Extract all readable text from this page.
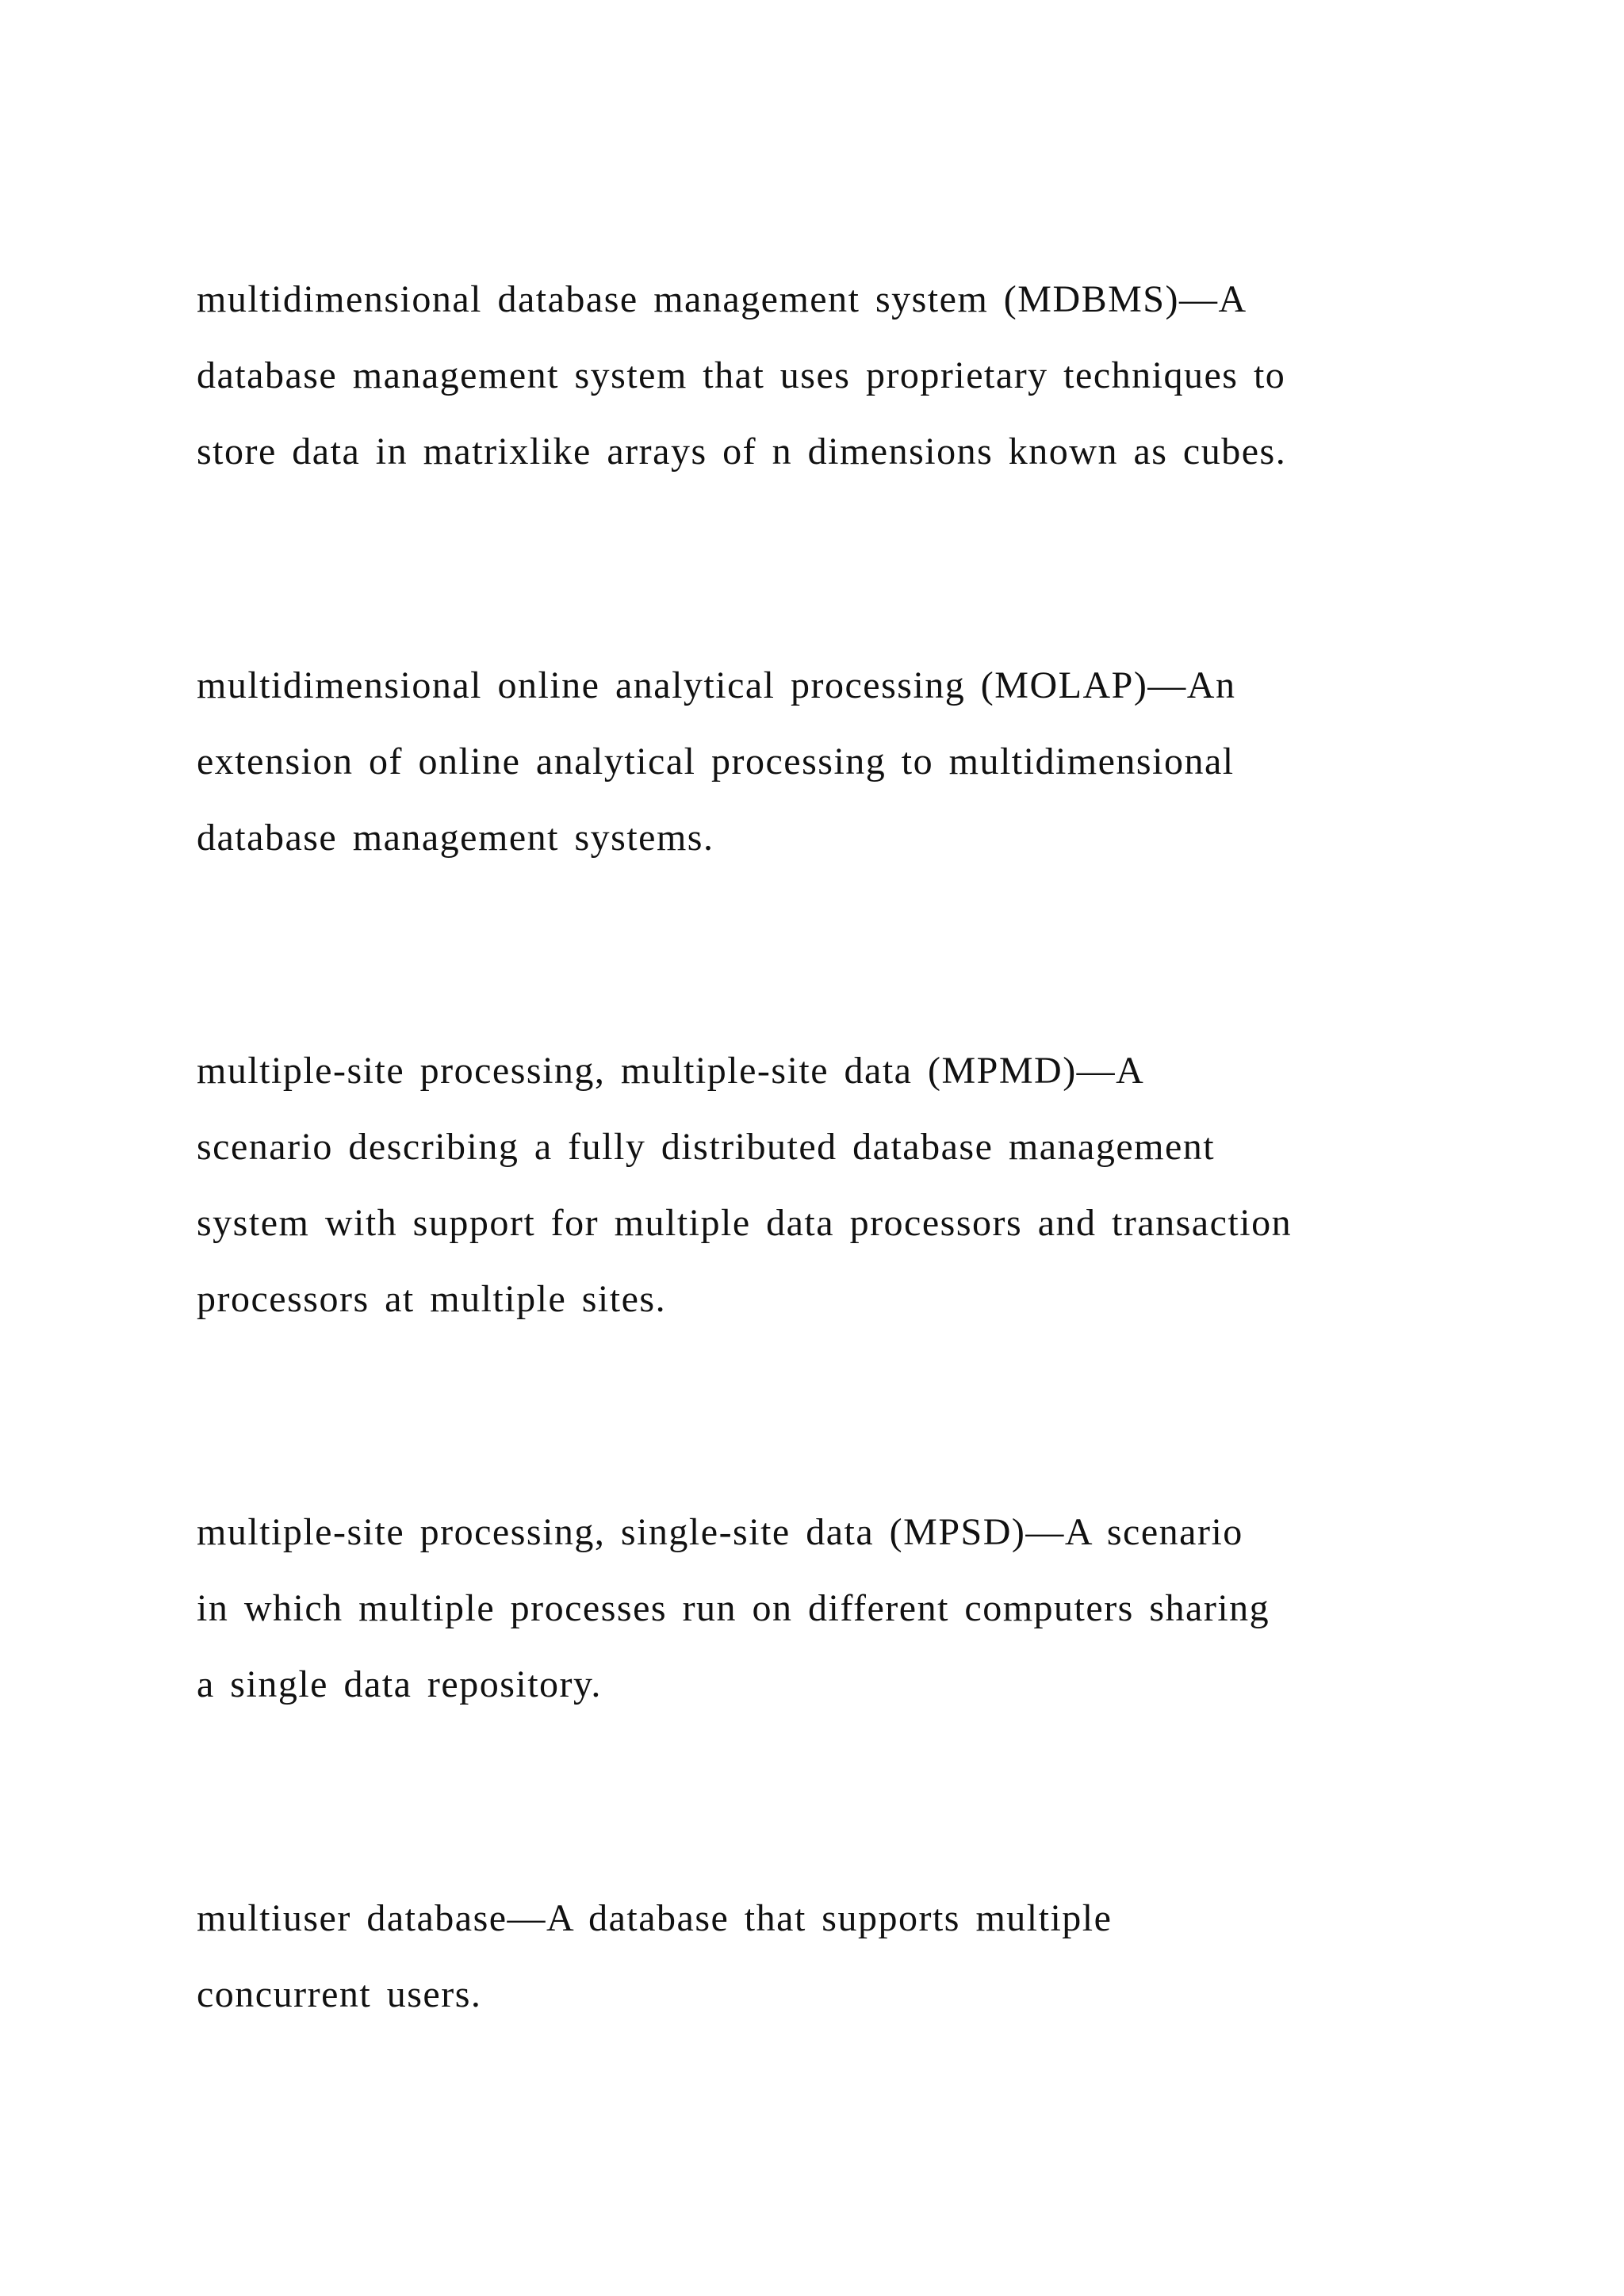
multidimensional database management system (MDBMS)—A
database management system that uses proprietary techniques to
store data in matrixlike arrays of n dimensions known as cubes.

multidimensional online analytical processing (MOLAP)—An
extension of online analytical processing to multidimensional
database management systems.

multiple-site processing, multiple-site data (MPMD)—A
scenario describing a fully distributed database management
system with support for multiple data processors and transaction
processors at multiple sites.

multiple-site processing, single-site data (MPSD)—A scenario
in which multiple processes run on different computers sharing
a single data repository.

multiuser database—A database that supports multiple
concurrent users.
